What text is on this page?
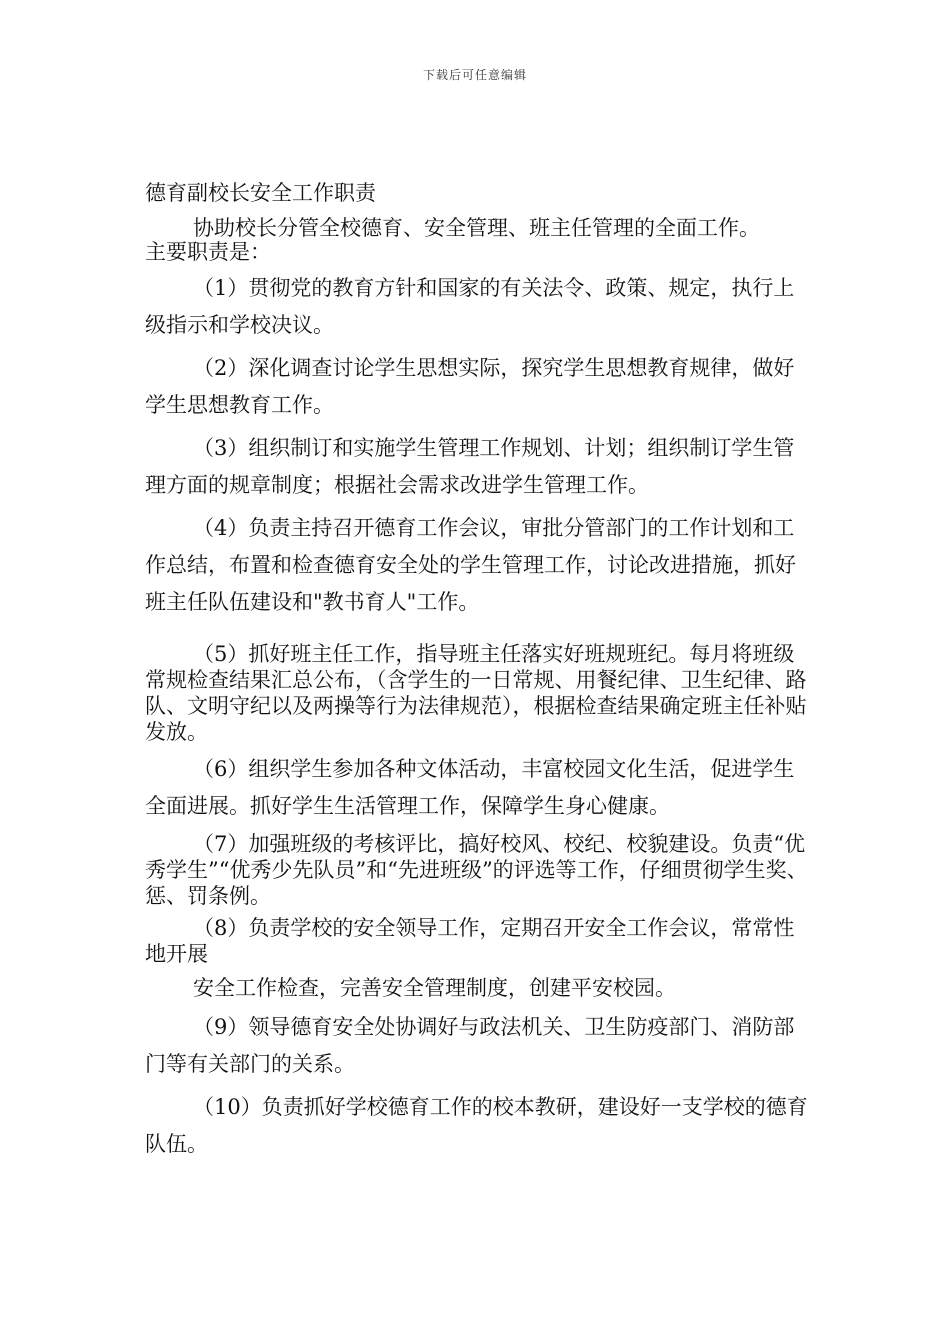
下载后可任意编辑
德育副校长安全工作职责

协助校长分管全校德育、安全管理、班主任管理的全面工作。

主要职责是：

（1）贯彻党的教育方针和国家的有关法令、政策、规定，执行上级指示和学校决议。

（2）深化调查讨论学生思想实际，探究学生思想教育规律，做好学生思想教育工作。

（3）组织制订和实施学生管理工作规划、计划；组织制订学生管理方面的规章制度；根据社会需求改进学生管理工作。

（4）负责主持召开德育工作会议，审批分管部门的工作计划和工作总结，布置和检查德育安全处的学生管理工作，讨论改进措施，抓好班主任队伍建设和"教书育人"工作。

（5）抓好班主任工作，指导班主任落实好班规班纪。每月将班级常规检查结果汇总公布，（含学生的一日常规、用餐纪律、卫生纪律、路队、文明守纪以及两操等行为法律规范），根据检查结果确定班主任补贴发放。

（6）组织学生参加各种文体活动，丰富校园文化生活，促进学生全面进展。抓好学生生活管理工作，保障学生身心健康。

（7）加强班级的考核评比，搞好校风、校纪、校貌建设。负责“优秀学生”“优秀少先队员”和“先进班级”的评选等工作，仔细贯彻学生奖、惩、罚条例。

（8）负责学校的安全领导工作，定期召开安全工作会议，常常性地开展

安全工作检查，完善安全管理制度，创建平安校园。

（9）领导德育安全处协调好与政法机关、卫生防疫部门、消防部门等有关部门的关系。

（10）负责抓好学校德育工作的校本教研，建设好一支学校的德育队伍。
